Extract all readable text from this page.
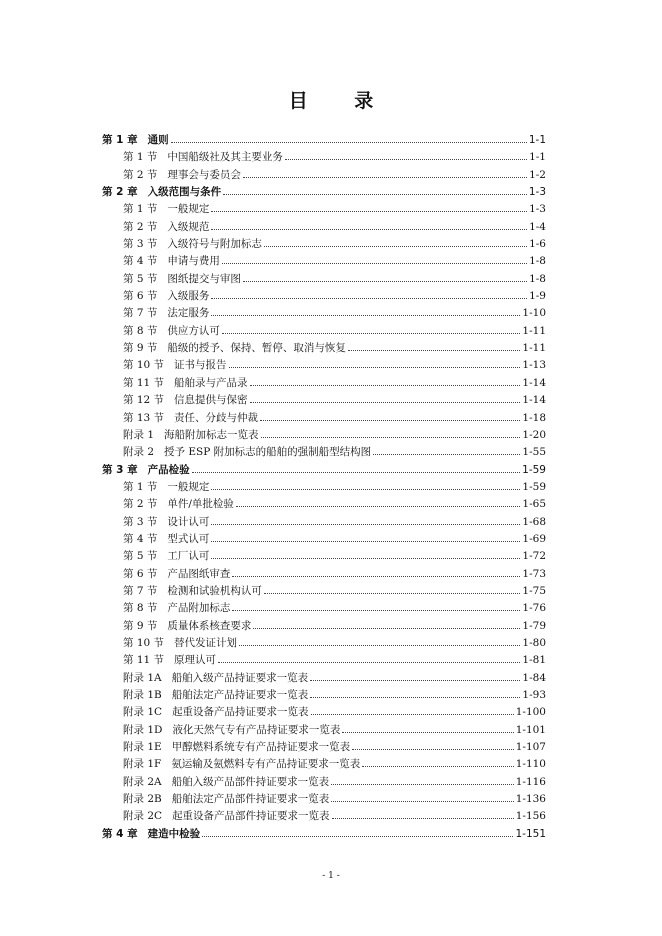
目 录
第 1 章 通则	1-1
第 1 节 中国船级社及其主要业务	1-1
第 2 节 理事会与委员会	1-2
第 2 章 入级范围与条件	1-3
第 1 节 一般规定	1-3
第 2 节 入级规范	1-4
第 3 节 入级符号与附加标志	1-6
第 4 节 申请与费用	1-8
第 5 节 图纸提交与审图	1-8
第 6 节 入级服务	1-9
第 7 节 法定服务	1-10
第 8 节 供应方认可	1-11
第 9 节 船级的授予、保持、暂停、取消与恢复	1-11
第 10 节 证书与报告	1-13
第 11 节 船舶录与产品录	1-14
第 12 节 信息提供与保密	1-14
第 13 节 责任、分歧与仲裁	1-18
附录 1 海船附加标志一览表	1-20
附录 2 授予 ESP 附加标志的船舶的强制船型结构图	1-55
第 3 章 产品检验	1-59
第 1 节 一般规定	1-59
第 2 节 单件/单批检验	1-65
第 3 节 设计认可	1-68
第 4 节 型式认可	1-69
第 5 节 工厂认可	1-72
第 6 节 产品图纸审查	1-73
第 7 节 检测和试验机构认可	1-75
第 8 节 产品附加标志	1-76
第 9 节 质量体系核查要求	1-79
第 10 节 替代发证计划	1-80
第 11 节 原理认可	1-81
附录 1A 船舶入级产品持证要求一览表	1-84
附录 1B 船舶法定产品持证要求一览表	1-93
附录 1C 起重设备产品持证要求一览表	1-100
附录 1D 液化天然气专有产品持证要求一览表	1-101
附录 1E 甲醇燃料系统专有产品持证要求一览表	1-107
附录 1F 氨运输及氨燃料专有产品持证要求一览表	1-110
附录 2A 船舶入级产品部件持证要求一览表	1-116
附录 2B 船舶法定产品部件持证要求一览表	1-136
附录 2C 起重设备产品部件持证要求一览表	1-156
第 4 章 建造中检验	1-151
- 1 -
